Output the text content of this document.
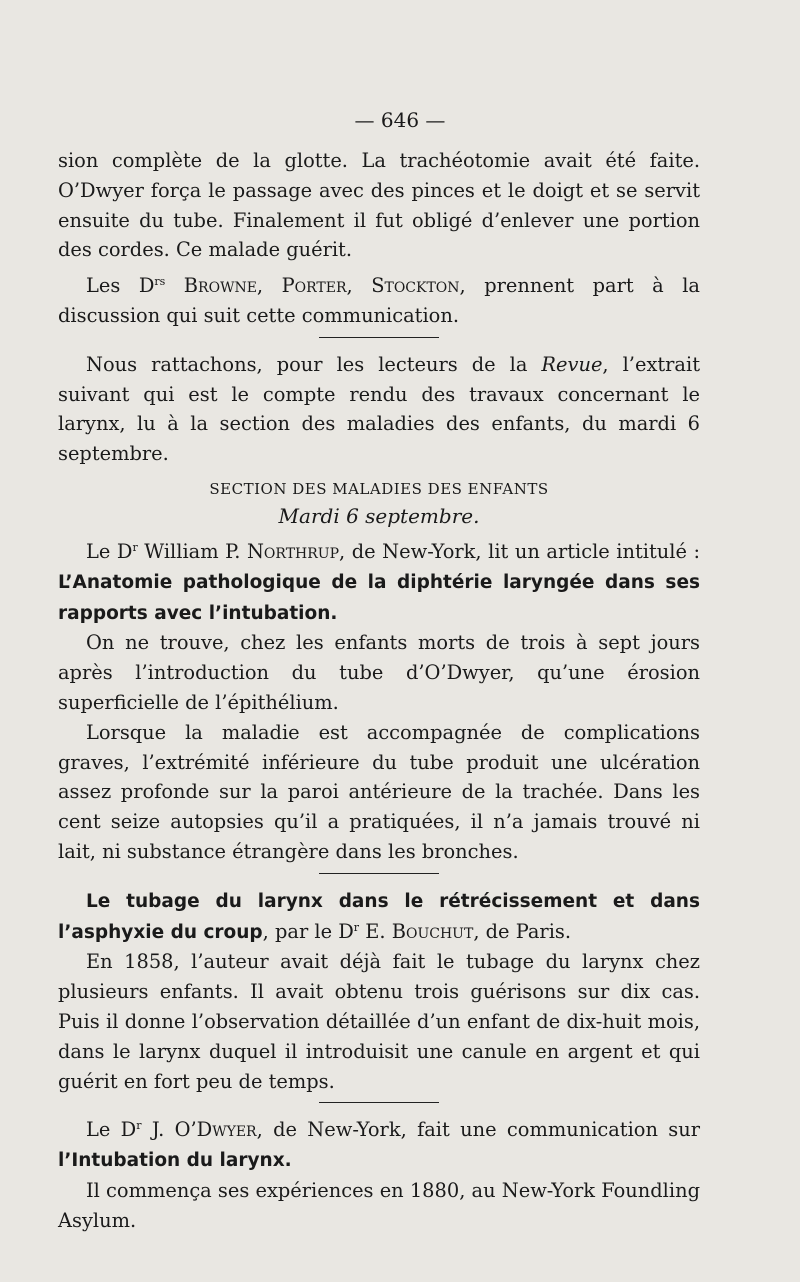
— 646 —

sion complète de la glotte. La trachéotomie avait été faite. O’Dwyer força le passage avec des pinces et le doigt et se servit ensuite du tube. Finalement il fut obligé d’enlever une portion des cordes. Ce malade guérit.

Les $D^{rs}$ Browne, Porter, Stockton, prennent part à la discussion qui suit cette communication.

Nous rattachons, pour les lecteurs de la Revue, l’extrait suivant qui est le compte rendu des travaux concernant le larynx, lu à la section des maladies des enfants, du mardi 6 septembre.

SECTION DES MALADIES DES ENFANTS

Mardi 6 septembre.

Le $D^r$ William P. Northrup, de New-York, lit un article intitulé : L’Anatomie pathologique de la diphtérie laryngée dans ses rapports avec l’intubation.

On ne trouve, chez les enfants morts de trois à sept jours après l’introduction du tube d’O’Dwyer, qu’une érosion superficielle de l’épithélium.

Lorsque la maladie est accompagnée de complications graves, l’extrémité inférieure du tube produit une ulcération assez profonde sur la paroi antérieure de la trachée. Dans les cent seize autopsies qu’il a pratiquées, il n’a jamais trouvé ni lait, ni substance étrangère dans les bronches.

Le tubage du larynx dans le rétrécissement et dans l’asphyxie du croup, par le $D^r$ E. Bouchut, de Paris.

En 1858, l’auteur avait déjà fait le tubage du larynx chez plusieurs enfants. Il avait obtenu trois guérisons sur dix cas. Puis il donne l’observation détaillée d’un enfant de dix-huit mois, dans le larynx duquel il introduisit une canule en argent et qui guérit en fort peu de temps.

Le $D^r$ J. O’Dwyer, de New-York, fait une communication sur l’Intubation du larynx.

Il commença ses expériences en 1880, au New-York Foundling Asylum.
